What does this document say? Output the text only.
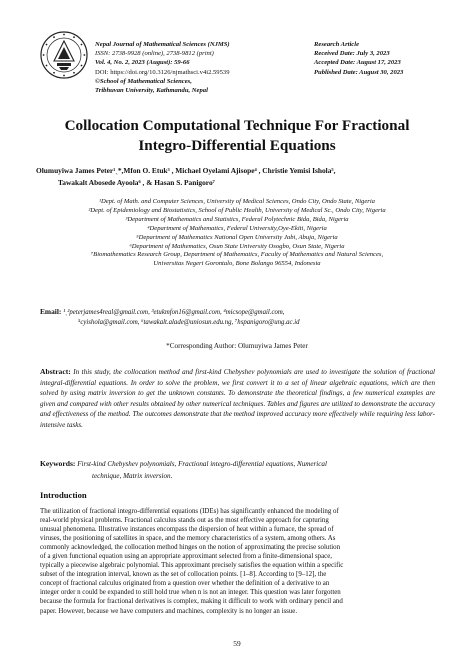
Nepal Journal of Mathematical Sciences (NJMS)
ISSN: 2738-9928 (online), 2738-9812 (print)
Vol. 4, No. 2, 2023 (August): 59-66
DOI: https://doi.org/10.3126/njmathsci.v4i2.59539
©School of Mathematical Sciences,
Tribhuvan University, Kathmandu, Nepal
Research Article
Received Date: July 3, 2023
Accepted Date: August 17, 2023
Published Date: August 30, 2023
Collocation Computational Technique For Fractional
Integro-Differential Equations
Olumuyiwa James Peter¹ˎ*,Mfon O. Etuk³ , Michael Oyelami Ajisope⁴ , Christie Yemisi Ishola⁵,
Tawakalt Abosede Ayoola⁶ , & Hasan S. Panigoro⁷
¹Dept. of Math. and Computer Sciences, University of Medical Sciences, Ondo City, Ondo State, Nigeria
²Dept. of Epidemiology and Biostatistics, School of Public Health, University of Medical Sc., Ondo City, Nigeria
³Department of Mathematics and Statistics, Federal Polytechnic Bida, Bida, Nigeria
⁴Department of Mathematics, Federal University,Oye-Ekiti, Nigeria
⁵Department of Mathematics National Open University Jabi, Abuja, Nigeria
⁶Department of Mathematics, Osun State University Osogbo, Osun State, Nigeria
⁷Biomathematics Research Group, Department of Mathematics, Faculty of Mathematics and Natural Sciences,
Universitas Negeri Gorontalo, Bone Bolango 96554, Indonesia
Email: ¹ˎ²peterjames4real@gmail.com, ³etukmfon16@gmail.com, ⁴micsope@gmail.com,
⁵cyishola@gmail.com, ⁶tawakalt.alade@uniosun.edu.ng, ⁷hspanigoro@ung.ac.id
*Corresponding Author: Olumuyiwa James Peter
Abstract: In this study, the collocation method and first-kind Chebyshev polynomials are used to investigate the solution of fractional integral-differential equations. In order to solve the problem, we first convert it to a set of linear algebraic equations, which are then solved by using matrix inversion to get the unknown constants. To demonstrate the theoretical findings, a few numerical examples are given and compared with other results obtained by other numerical techniques. Tables and figures are utilized to demonstrate the accuracy and effectiveness of the method. The outcomes demonstrate that the method improved accuracy more effectively while requiring less labor-intensive tasks.
Keywords: First-kind Chebyshev polynomials, Fractional integro-differential equations, Numerical
technique, Matrix inversion.
Introduction
The utilization of fractional integro-differential equations (IDEs) has significantly enhanced the modeling of
real-world physical problems. Fractional calculus stands out as the most effective approach for capturing
unusual phenomena. Illustrative instances encompass the dispersion of heat within a furnace, the spread of
viruses, the positioning of satellites in space, and the memory characteristics of a system, among others. As
commonly acknowledged, the collocation method hinges on the notion of approximating the precise solution
of a given functional equation using an appropriate approximant selected from a finite-dimensional space,
typically a piecewise algebraic polynomial. This approximant precisely satisfies the equation within a specific
subset of the integration interval, known as the set of collocation points. [1–8]. According to [9–12], the
concept of fractional calculus originated from a question over whether the definition of a derivative to an
integer order n could be expanded to still hold true when n is not an integer. This question was later forgotten
because the formula for fractional derivatives is complex, making it difficult to work with ordinary pencil and
paper. However, because we have computers and machines, complexity is no longer an issue.
59
